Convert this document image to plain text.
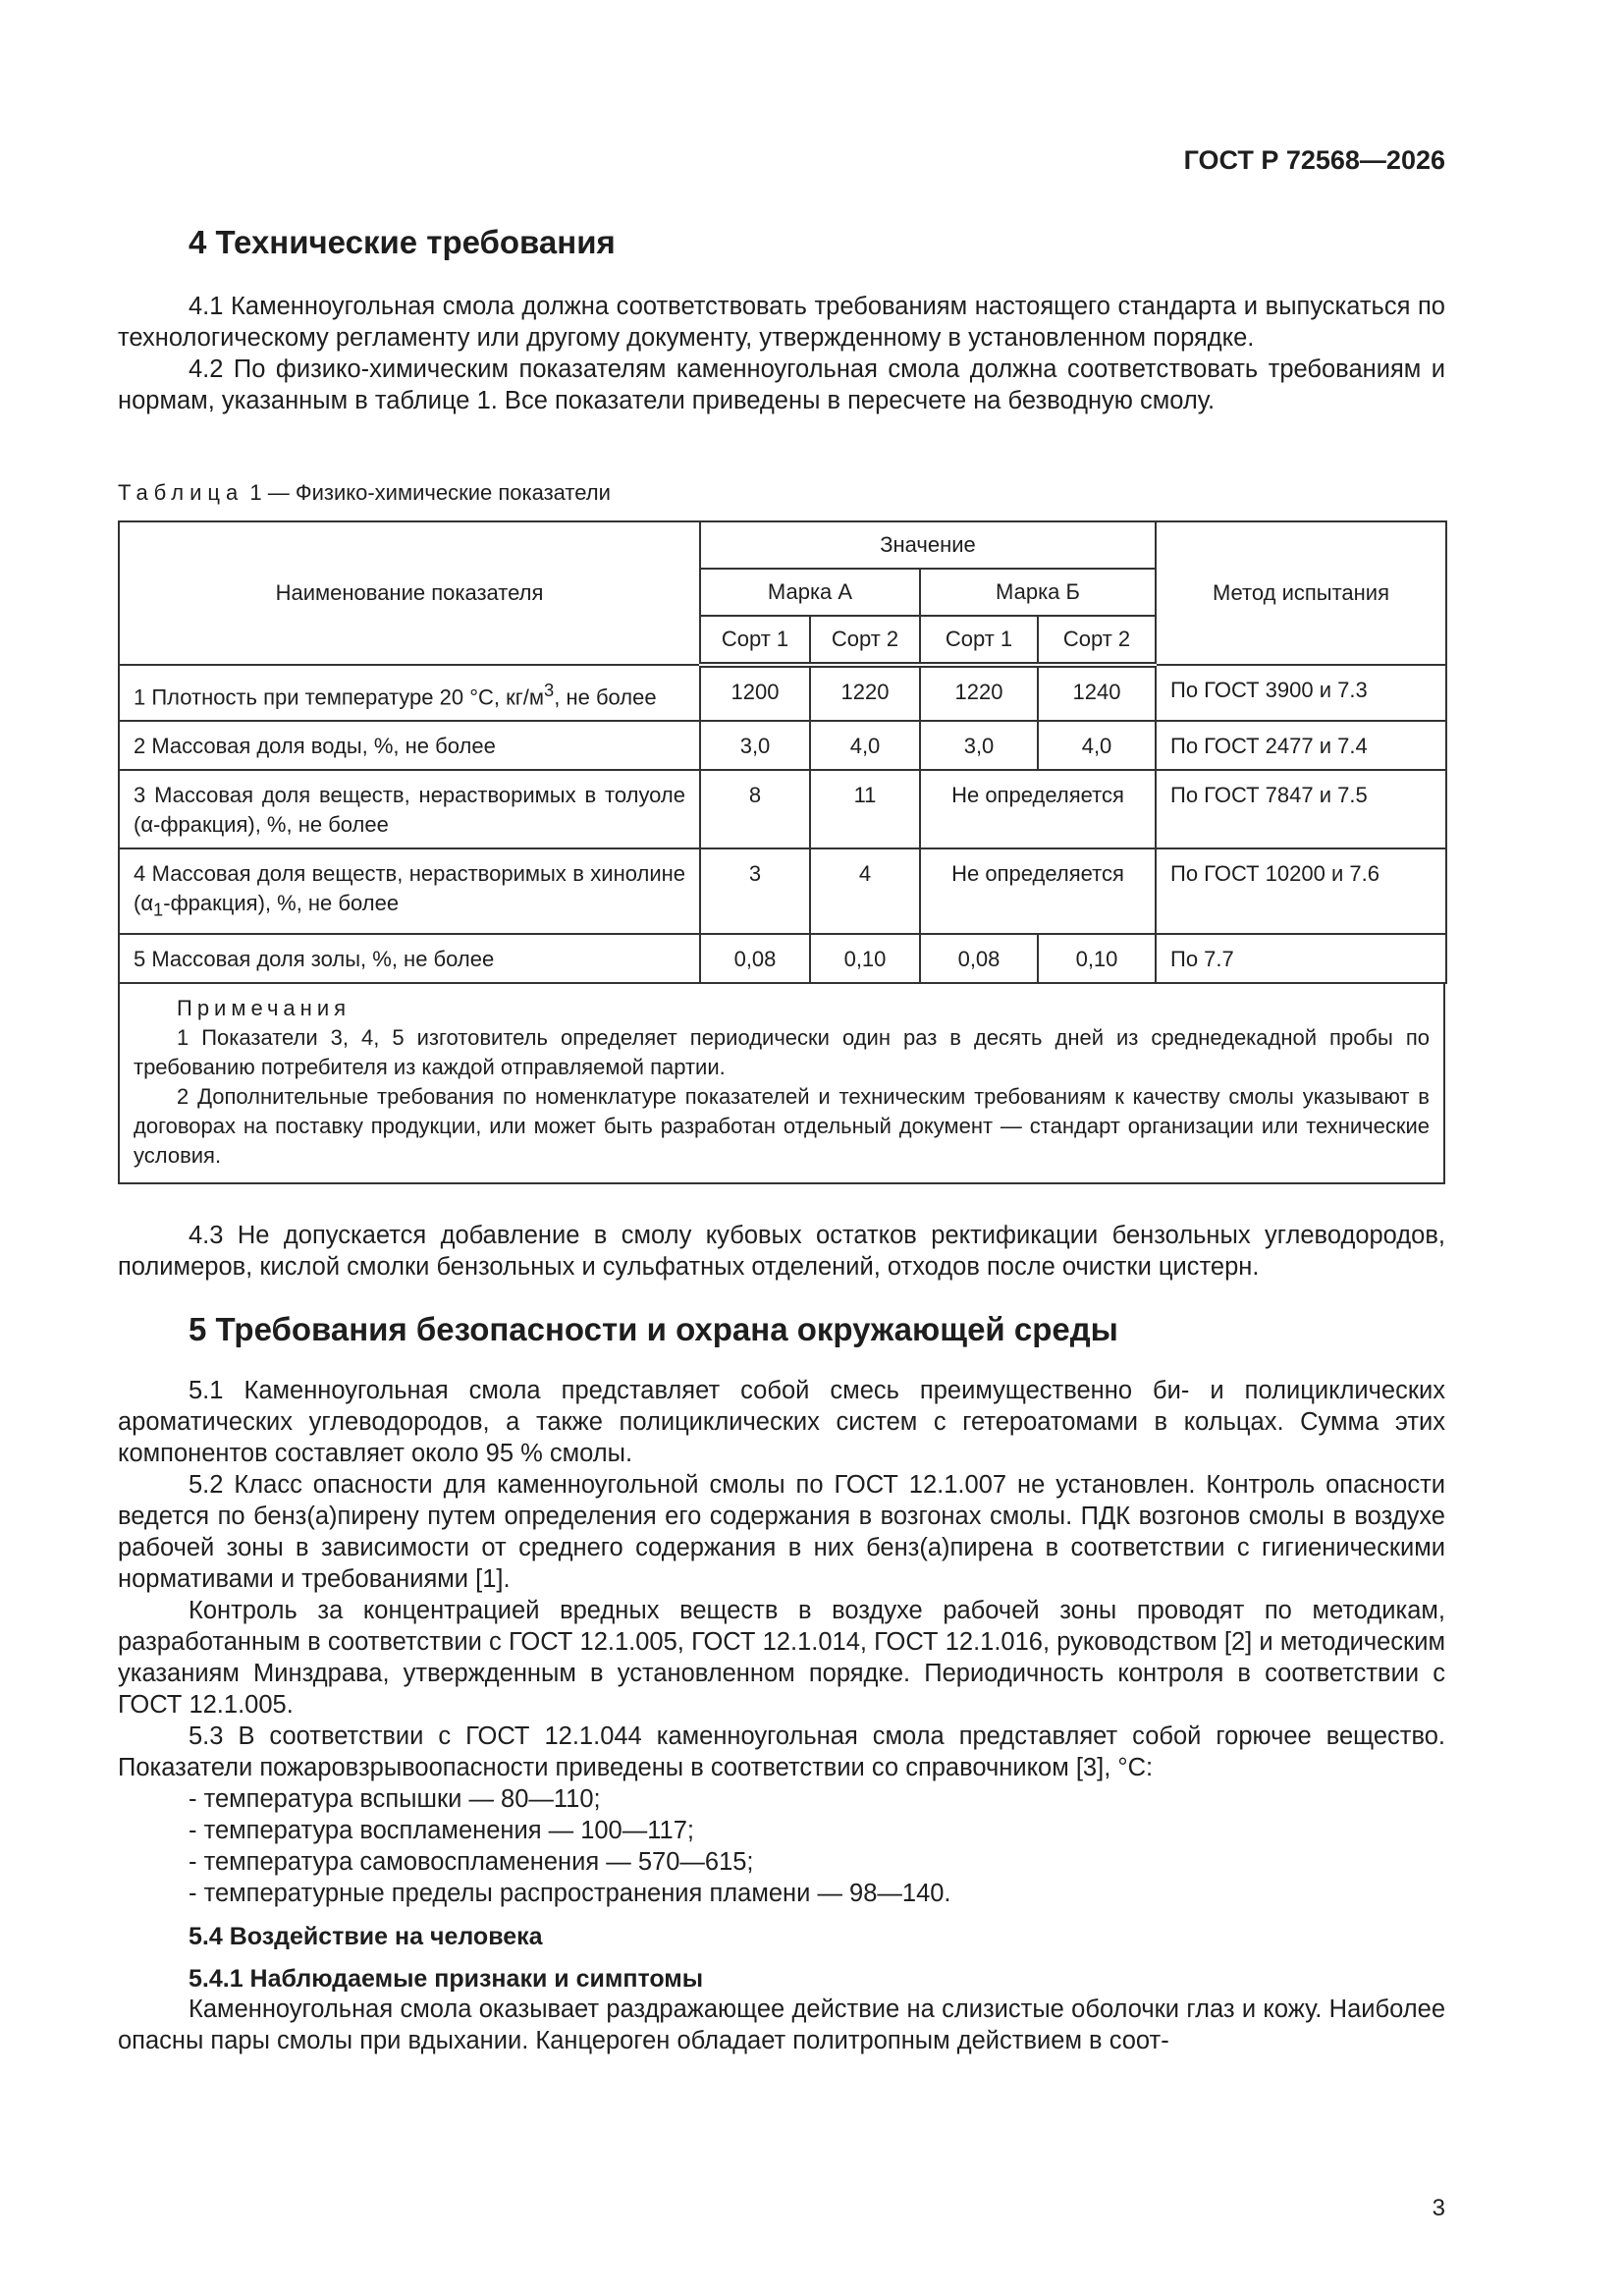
ГОСТ Р 72568—2026
4 Технические требования

4.1 Каменноугольная смола должна соответствовать требованиям настоящего стандарта и выпускаться по технологическому регламенту или другому документу, утвержденному в установленном порядке.

4.2 По физико-химическим показателям каменноугольная смола должна соответствовать требованиям и нормам, указанным в таблице 1. Все показатели приведены в пересчете на безводную смолу.

Таблица 1 — Физико-химические показатели
Наименование показателя	Значение				Метод испытания
	Марка А		Марка Б		
	Сорт 1	Сорт 2	Сорт 1	Сорт 2	
1 Плотность при температуре 20 °С, $кг/м^3$, не более	1200	1220	1220	1240	По ГОСТ 3900 и 7.3
2 Массовая доля воды, %, не более	3,0	4,0	3,0	4,0	По ГОСТ 2477 и 7.4
3 Массовая доля веществ, нерастворимых в толуоле (α-фракция), %, не более	8	11	Не определяется		По ГОСТ 7847 и 7.5
4 Массовая доля веществ, нерастворимых в хинолине $(\alpha_1-фракция)$, %, не более	3	4	Не определяется		По ГОСТ 10200 и 7.6
5 Массовая доля золы, %, не более	0,08	0,10	0,08	0,10	По 7.7
Примечания
1 Показатели 3, 4, 5 изготовитель определяет периодически один раз в десять дней из среднедекадной пробы по требованию потребителя из каждой отправляемой партии.
2 Дополнительные требования по номенклатуре показателей и техническим требованиям к качеству смолы указывают в договорах на поставку продукции, или может быть разработан отдельный документ — стандарт организации или технические условия.

4.3 Не допускается добавление в смолу кубовых остатков ректификации бензольных углеводородов, полимеров, кислой смолки бензольных и сульфатных отделений, отходов после очистки цистерн.

5 Требования безопасности и охрана окружающей среды

5.1 Каменноугольная смола представляет собой смесь преимущественно би- и полициклических ароматических углеводородов, а также полициклических систем с гетероатомами в кольцах. Сумма этих компонентов составляет около 95 % смолы.

5.2 Класс опасности для каменноугольной смолы по ГОСТ 12.1.007 не установлен. Контроль опасности ведется по бенз(а)пирену путем определения его содержания в возгонах смолы. ПДК возгонов смолы в воздухе рабочей зоны в зависимости от среднего содержания в них бенз(а)пирена в соответствии с гигиеническими нормативами и требованиями [1].

Контроль за концентрацией вредных веществ в воздухе рабочей зоны проводят по методикам, разработанным в соответствии с ГОСТ 12.1.005, ГОСТ 12.1.014, ГОСТ 12.1.016, руководством [2] и методическим указаниям Минздрава, утвержденным в установленном порядке. Периодичность контроля в соответствии с ГОСТ 12.1.005.

5.3 В соответствии с ГОСТ 12.1.044 каменноугольная смола представляет собой горючее вещество. Показатели пожаровзрывоопасности приведены в соответствии со справочником [3], °С:

- температура вспышки — 80—110;

- температура воспламенения — 100—117;

- температура самовоспламенения — 570—615;

- температурные пределы распространения пламени — 98—140.

5.4 Воздействие на человека
5.4.1 Наблюдаемые признаки и симптомы

Каменноугольная смола оказывает раздражающее действие на слизистые оболочки глаз и кожу. Наиболее опасны пары смолы при вдыхании. Канцероген обладает политропным действием в соот-

3
